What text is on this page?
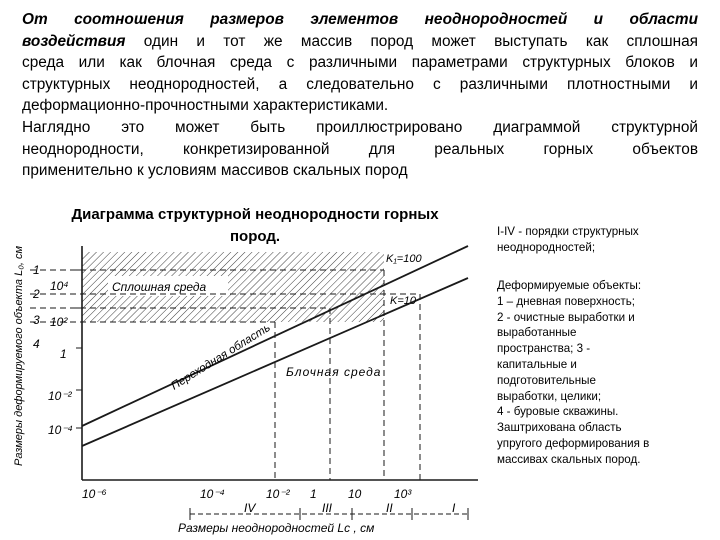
От соотношения размеров элементов неоднородностей и области
воздействия один и тот же массив пород может выступать как сплошная
среда или как блочная среда с различными параметрами структурных блоков и
структурных неоднородностей, а следовательно с различными плотностными и
деформационно-прочностными характеристиками.
Наглядно это может быть проиллюстрировано диаграммой структурной
неоднородности, конкретизированной для реальных горных объектов
применительно к условиям массивов скальных пород
Диаграмма структурной неоднородности горных
пород.	I-IV - порядки структурных
неоднородностей;
Деформируемые объекты:
1 – дневная поверхность;
2 - очистные выработки и
выработанные
пространства; 3 -
капитальные и
подготовительные
выработки, целики;
4 - буровые скважины.
Заштрихована область
упругого деформирования в
массивах скальных пород.
10⁴
10²
1
10⁻²
10⁻⁴
1
2
3
4
Размеры деформируемого объекта L₀, см	Сплошная среда
Переходная область Блочная среда
K₁=100
K=10
10⁻⁶	10⁻⁴	10⁻² 1	10	10³
IV	III	II	I
Размеры неоднородностей Lс , см
